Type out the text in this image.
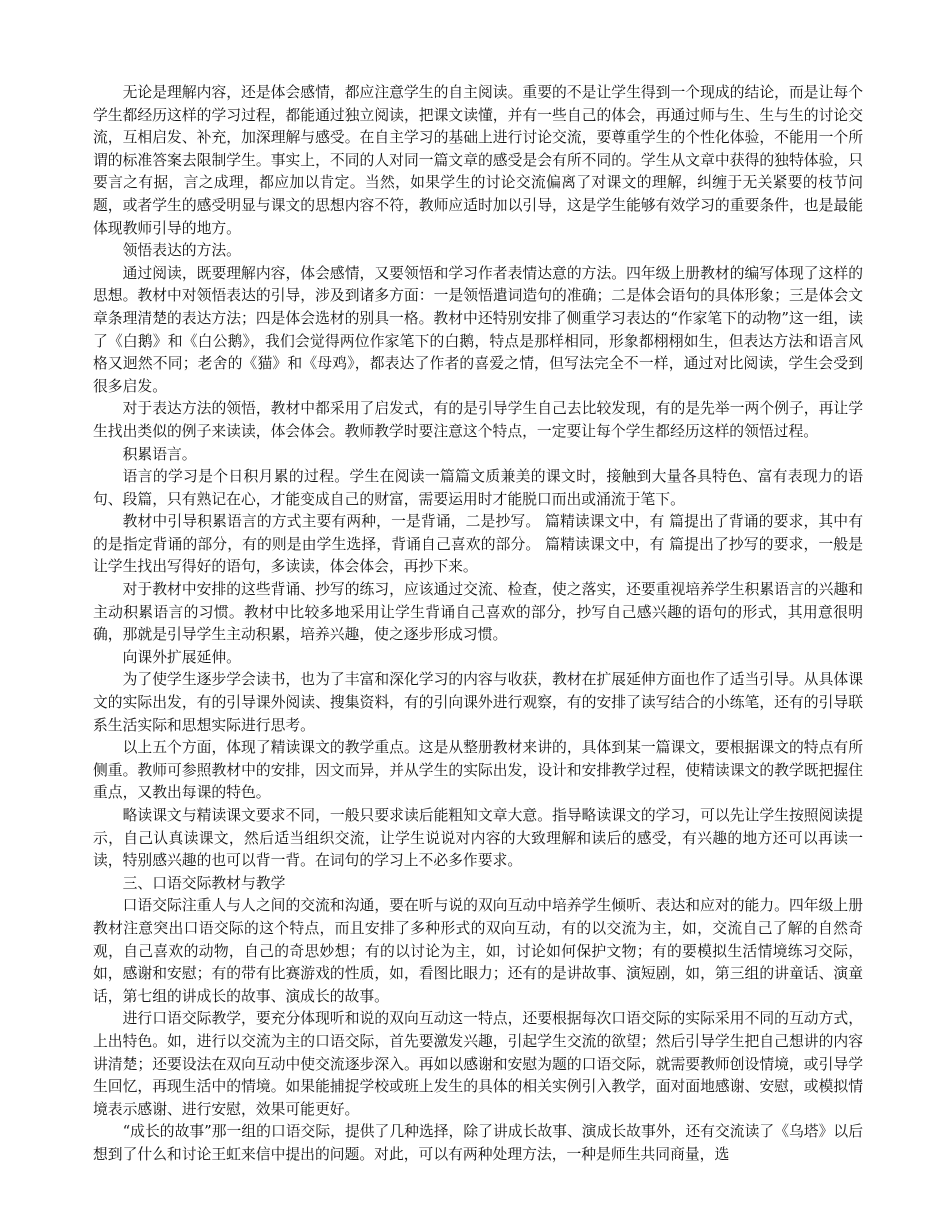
无论是理解内容，还是体会感情，都应注意学生的自主阅读。重要的不是让学生得到一个现成的结论，而是让每个学生都经历这样的学习过程，都能通过独立阅读，把课文读懂，并有一些自己的体会，再通过师与生、生与生的讨论交流，互相启发、补充，加深理解与感受。在自主学习的基础上进行讨论交流，要尊重学生的个性化体验，不能用一个所谓的标准答案去限制学生。事实上，不同的人对同一篇文章的感受是会有所不同的。学生从文章中获得的独特体验，只要言之有据，言之成理，都应加以肯定。当然，如果学生的讨论交流偏离了对课文的理解，纠缠于无关紧要的枝节问题，或者学生的感受明显与课文的思想内容不符，教师应适时加以引导，这是学生能够有效学习的重要条件，也是最能体现教师引导的地方。

领悟表达的方法。

通过阅读，既要理解内容，体会感情，又要领悟和学习作者表情达意的方法。四年级上册教材的编写体现了这样的思想。教材中对领悟表达的引导，涉及到诸多方面：一是领悟遣词造句的准确；二是体会语句的具体形象；三是体会文章条理清楚的表达方法；四是体会选材的别具一格。教材中还特别安排了侧重学习表达的“作家笔下的动物”这一组，读了《白鹅》和《白公鹅》，我们会觉得两位作家笔下的白鹅，特点是那样相同，形象都栩栩如生，但表达方法和语言风格又迥然不同；老舍的《猫》和《母鸡》，都表达了作者的喜爱之情，但写法完全不一样，通过对比阅读，学生会受到很多启发。

对于表达方法的领悟，教材中都采用了启发式，有的是引导学生自己去比较发现，有的是先举一两个例子，再让学生找出类似的例子来读读，体会体会。教师教学时要注意这个特点，一定要让每个学生都经历这样的领悟过程。

积累语言。

语言的学习是个日积月累的过程。学生在阅读一篇篇文质兼美的课文时，接触到大量各具特色、富有表现力的语句、段篇，只有熟记在心，才能变成自己的财富，需要运用时才能脱口而出或涌流于笔下。

教材中引导积累语言的方式主要有两种，一是背诵，二是抄写。 篇精读课文中，有 篇提出了背诵的要求，其中有的是指定背诵的部分，有的则是由学生选择，背诵自己喜欢的部分。 篇精读课文中，有 篇提出了抄写的要求，一般是让学生找出写得好的语句，多读读，体会体会，再抄下来。

对于教材中安排的这些背诵、抄写的练习，应该通过交流、检查，使之落实，还要重视培养学生积累语言的兴趣和主动积累语言的习惯。教材中比较多地采用让学生背诵自己喜欢的部分，抄写自己感兴趣的语句的形式，其用意很明确，那就是引导学生主动积累，培养兴趣，使之逐步形成习惯。

向课外扩展延伸。

为了使学生逐步学会读书，也为了丰富和深化学习的内容与收获，教材在扩展延伸方面也作了适当引导。从具体课文的实际出发，有的引导课外阅读、搜集资料，有的引向课外进行观察，有的安排了读写结合的小练笔，还有的引导联系生活实际和思想实际进行思考。

以上五个方面，体现了精读课文的教学重点。这是从整册教材来讲的，具体到某一篇课文，要根据课文的特点有所侧重。教师可参照教材中的安排，因文而异，并从学生的实际出发，设计和安排教学过程，使精读课文的教学既把握住重点，又教出每课的特色。

略读课文与精读课文要求不同，一般只要求读后能粗知文章大意。指导略读课文的学习，可以先让学生按照阅读提示，自己认真读课文，然后适当组织交流，让学生说说对内容的大致理解和读后的感受，有兴趣的地方还可以再读一读，特别感兴趣的也可以背一背。在词句的学习上不必多作要求。

三、口语交际教材与教学

口语交际注重人与人之间的交流和沟通，要在听与说的双向互动中培养学生倾听、表达和应对的能力。四年级上册教材注意突出口语交际的这个特点，而且安排了多种形式的双向互动，有的以交流为主，如，交流自己了解的自然奇观，自己喜欢的动物，自己的奇思妙想；有的以讨论为主，如，讨论如何保护文物；有的要模拟生活情境练习交际，如，感谢和安慰；有的带有比赛游戏的性质，如，看图比眼力；还有的是讲故事、演短剧，如，第三组的讲童话、演童话，第七组的讲成长的故事、演成长的故事。

进行口语交际教学，要充分体现听和说的双向互动这一特点，还要根据每次口语交际的实际采用不同的互动方式，上出特色。如，进行以交流为主的口语交际，首先要激发兴趣，引起学生交流的欲望；然后引导学生把自己想讲的内容讲清楚；还要设法在双向互动中使交流逐步深入。再如以感谢和安慰为题的口语交际，就需要教师创设情境，或引导学生回忆，再现生活中的情境。如果能捕捉学校或班上发生的具体的相关实例引入教学，面对面地感谢、安慰，或模拟情境表示感谢、进行安慰，效果可能更好。

“成长的故事”那一组的口语交际，提供了几种选择，除了讲成长故事、演成长故事外，还有交流读了《乌塔》以后想到了什么和讨论王虹来信中提出的问题。对此，可以有两种处理方法，一种是师生共同商量，选
